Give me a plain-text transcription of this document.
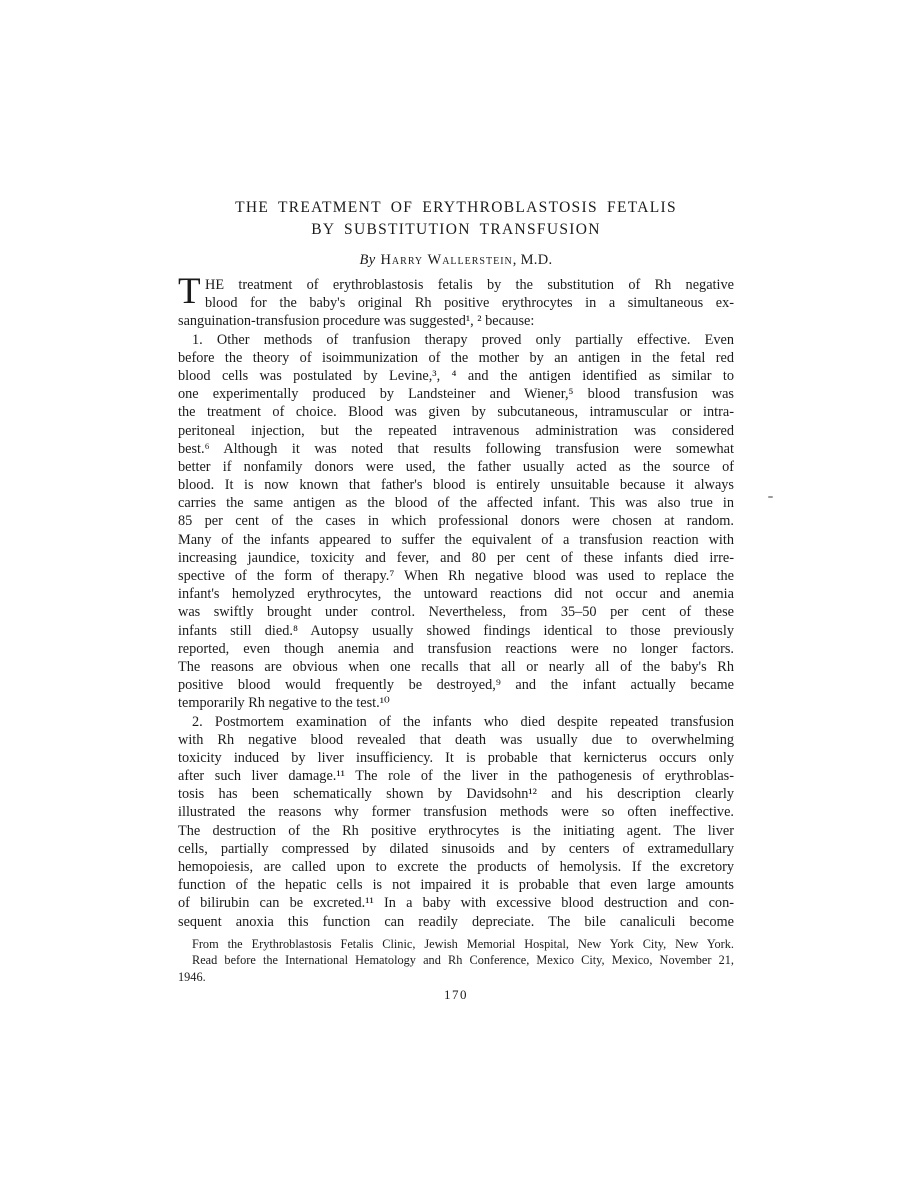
THE TREATMENT OF ERYTHROBLASTOSIS FETALIS
BY SUBSTITUTION TRANSFUSION
By Harry Wallerstein, M.D.
T HE treatment of erythroblastosis fetalis by the substitution of Rh negative
blood for the baby's original Rh positive erythrocytes in a simultaneous ex-
sanguination-transfusion procedure was suggested¹, ² because:
1. Other methods of tranfusion therapy proved only partially effective. Even
before the theory of isoimmunization of the mother by an antigen in the fetal red
blood cells was postulated by Levine,³, ⁴ and the antigen identified as similar to
one experimentally produced by Landsteiner and Wiener,⁵ blood transfusion was
the treatment of choice. Blood was given by subcutaneous, intramuscular or intra-
peritoneal injection, but the repeated intravenous administration was considered
best.⁶ Although it was noted that results following transfusion were somewhat
better if nonfamily donors were used, the father usually acted as the source of
blood. It is now known that father's blood is entirely unsuitable because it always
carries the same antigen as the blood of the affected infant. This was also true in
85 per cent of the cases in which professional donors were chosen at random.
Many of the infants appeared to suffer the equivalent of a transfusion reaction with
increasing jaundice, toxicity and fever, and 80 per cent of these infants died irre-
spective of the form of therapy.⁷ When Rh negative blood was used to replace the
infant's hemolyzed erythrocytes, the untoward reactions did not occur and anemia
was swiftly brought under control. Nevertheless, from 35–50 per cent of these
infants still died.⁸ Autopsy usually showed findings identical to those previously
reported, even though anemia and transfusion reactions were no longer factors.
The reasons are obvious when one recalls that all or nearly all of the baby's Rh
positive blood would frequently be destroyed,⁹ and the infant actually became
temporarily Rh negative to the test.¹⁰
2. Postmortem examination of the infants who died despite repeated transfusion
with Rh negative blood revealed that death was usually due to overwhelming
toxicity induced by liver insufficiency. It is probable that kernicterus occurs only
after such liver damage.¹¹ The role of the liver in the pathogenesis of erythroblas-
tosis has been schematically shown by Davidsohn¹² and his description clearly
illustrated the reasons why former transfusion methods were so often ineffective.
The destruction of the Rh positive erythrocytes is the initiating agent. The liver
cells, partially compressed by dilated sinusoids and by centers of extramedullary
hemopoiesis, are called upon to excrete the products of hemolysis. If the excretory
function of the hepatic cells is not impaired it is probable that even large amounts
of bilirubin can be excreted.¹¹ In a baby with excessive blood destruction and con-
sequent anoxia this function can readily depreciate. The bile canaliculi become
From the Erythroblastosis Fetalis Clinic, Jewish Memorial Hospital, New York City, New York.
Read before the International Hematology and Rh Conference, Mexico City, Mexico, November 21,
1946.
170
